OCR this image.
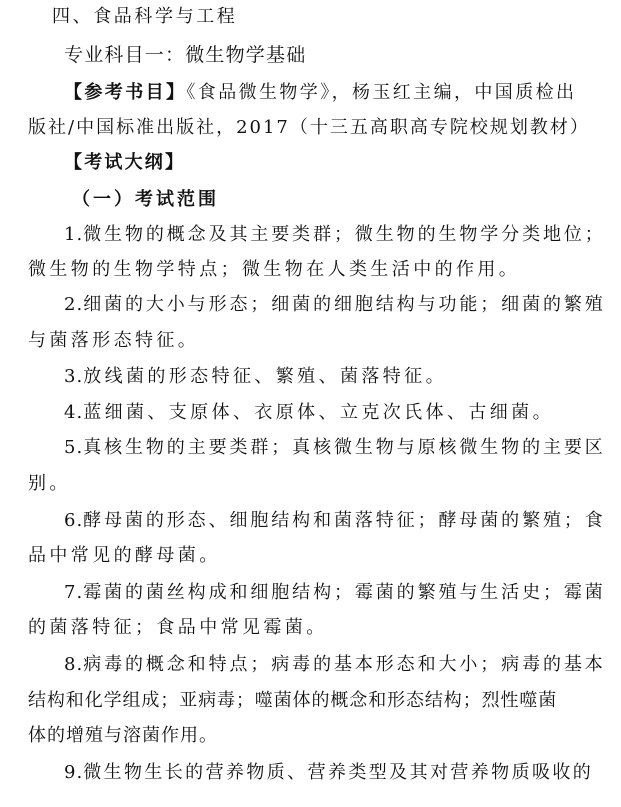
四、食品科学与工程
专业科目一：微生物学基础
【参考书目】《食品微生物学》，杨玉红主编，中国质检出
版社/中国标准出版社，2017（十三五高职高专院校规划教材）
【考试大纲】
（一）考试范围
1.微生物的概念及其主要类群；微生物的生物学分类地位；
微生物的生物学特点；微生物在人类生活中的作用。
2.细菌的大小与形态；细菌的细胞结构与功能；细菌的繁殖
与菌落形态特征。
3.放线菌的形态特征、繁殖、菌落特征。
4.蓝细菌、支原体、衣原体、立克次氏体、古细菌。
5.真核生物的主要类群；真核微生物与原核微生物的主要区
别。
6.酵母菌的形态、细胞结构和菌落特征；酵母菌的繁殖；食
品中常见的酵母菌。
7.霉菌的菌丝构成和细胞结构；霉菌的繁殖与生活史；霉菌
的菌落特征；食品中常见霉菌。
8.病毒的概念和特点；病毒的基本形态和大小；病毒的基本
结构和化学组成；亚病毒；噬菌体的概念和形态结构；烈性噬菌
体的增殖与溶菌作用。
9.微生物生长的营养物质、营养类型及其对营养物质吸收的
